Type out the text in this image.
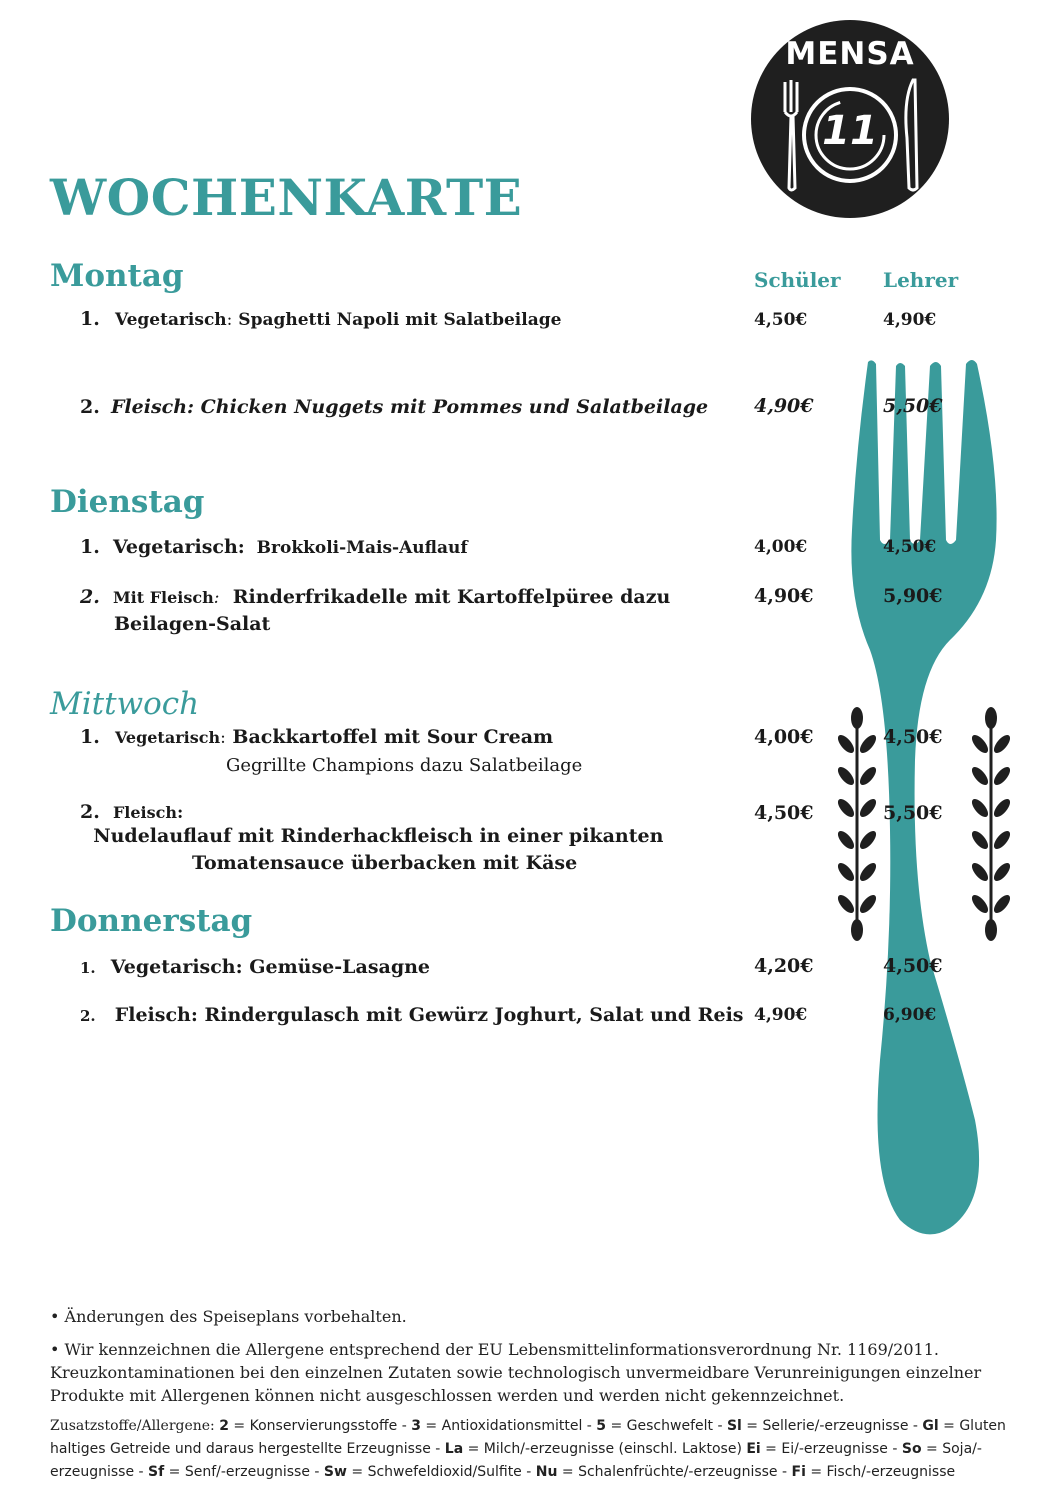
MENSA
11
WOCHENKARTE
Schüler Lehrer
Montag
1. Vegetarisch: Spaghetti Napoli mit Salatbeilage	4,50€	4,90€
2. Fleisch: Chicken Nuggets mit Pommes und Salatbeilage	4,90€	5,50€
Dienstag
1. Vegetarisch:  Brokkoli-Mais-Auflauf	4,00€	4,50€
2. Mit Fleisch:  Rinderfrikadelle mit Kartoffelpüree dazu
Beilagen-Salat
4,90€	5,90€
Mittwoch
1. Vegetarisch: Backkartoffel mit Sour Cream
Gegrillte Champions dazu Salatbeilage
4,00€	4,50€
2. Fleisch:  Nudelauflauf mit Rinderhackfleisch in einer pikanten
Tomatensauce überbacken mit Käse
4,50€	5,50€
Donnerstag
1. Vegetarisch: Gemüse-Lasagne	4,20€	4,50€
2. Fleisch: Rindergulasch mit Gewürz Joghurt, Salat und Reis 4,90€	6,90€
• Änderungen des Speiseplans vorbehalten.
• Wir kennzeichnen die Allergene entsprechend der EU Lebensmittelinformationsverordnung Nr. 1169/2011. Kreuzkontaminationen bei den einzelnen Zutaten sowie technologisch unvermeidbare Verunreinigungen einzelner Produkte mit Allergenen können nicht ausgeschlossen werden und werden nicht gekennzeichnet.
Zusatzstoffe/Allergene: 2 = Konservierungsstoffe - 3 = Antioxidationsmittel - 5 = Geschwefelt - Sl = Sellerie/-erzeugnisse - Gl = Gluten haltiges Getreide und daraus hergestellte Erzeugnisse - La = Milch/-erzeugnisse (einschl. Laktose) Ei = Ei/-erzeugnisse - So = Soja/-erzeugnisse - Sf = Senf/-erzeugnisse - Sw = Schwefeldioxid/Sulfite - Nu = Schalenfrüchte/-erzeugnisse - Fi = Fisch/-erzeugnisse
